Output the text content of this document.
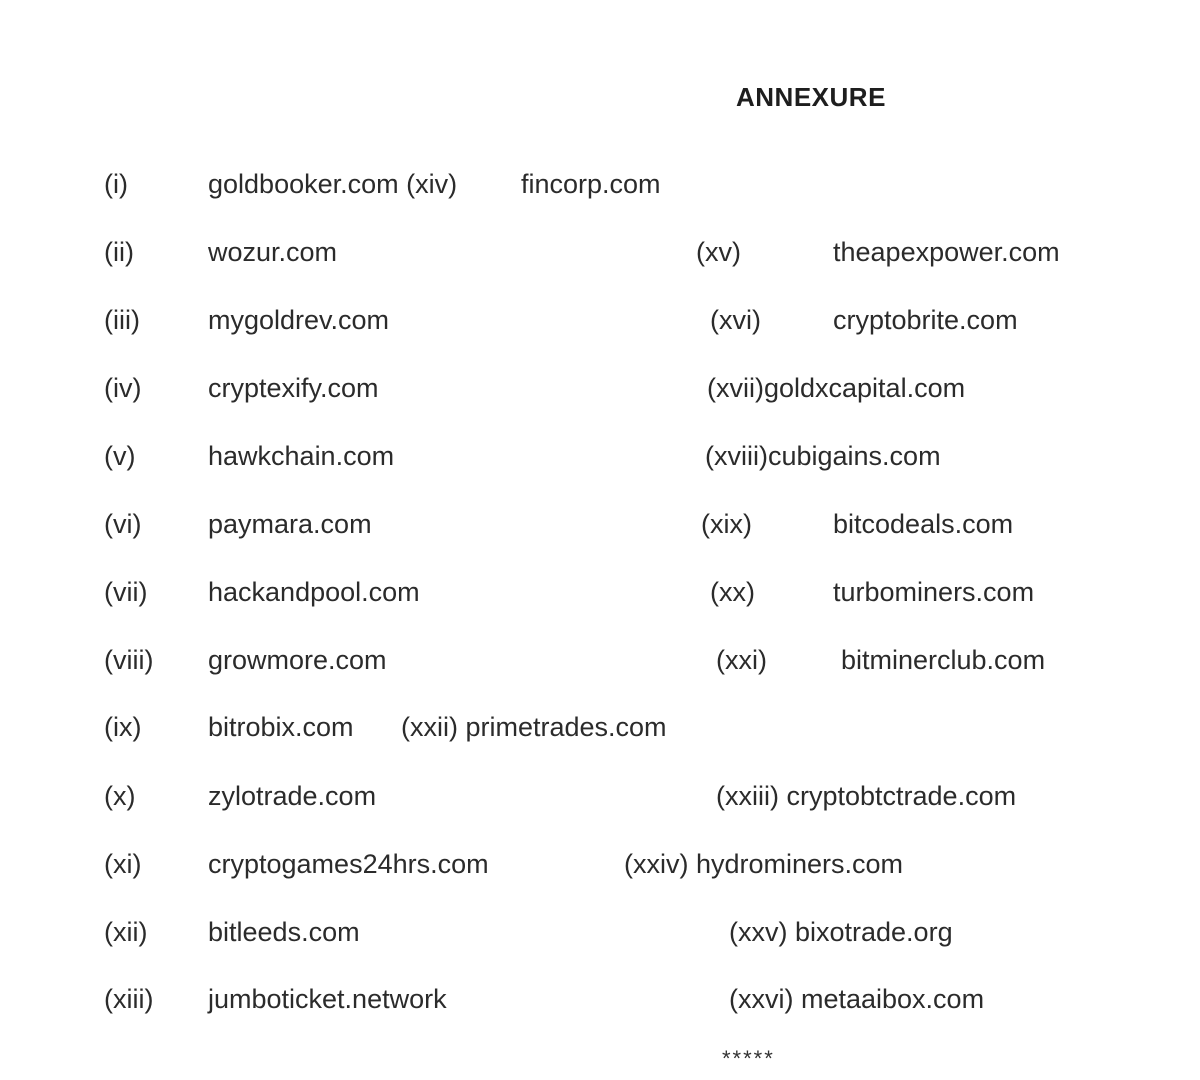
ANNEXURE
(i)	goldbooker.com (xiv) fincorp.com
(ii)	wozur.com	(xv)	theapexpower.com
(iii)	mygoldrev.com	(xvi)	cryptobrite.com
(iv) cryptexify.com	(xvii)goldxcapital.com
(v)	hawkchain.com	(xviii)cubigains.com
(vi) paymara.com	(xix)	bitcodeals.com
(vii) hackandpool.com	(xx)	turbominers.com
(viii) growmore.com	(xxi)	bitminerclub.com
(ix) bitrobix.com (xxii) primetrades.com
(x)	zylotrade.com	(xxiii) cryptobtctrade.com
(xi) cryptogames24hrs.com	(xxiv) hydrominers.com
(xii) bitleeds.com	(xxv) bixotrade.org
(xiii) jumboticket.network	(xxvi) metaaibox.com
*****
